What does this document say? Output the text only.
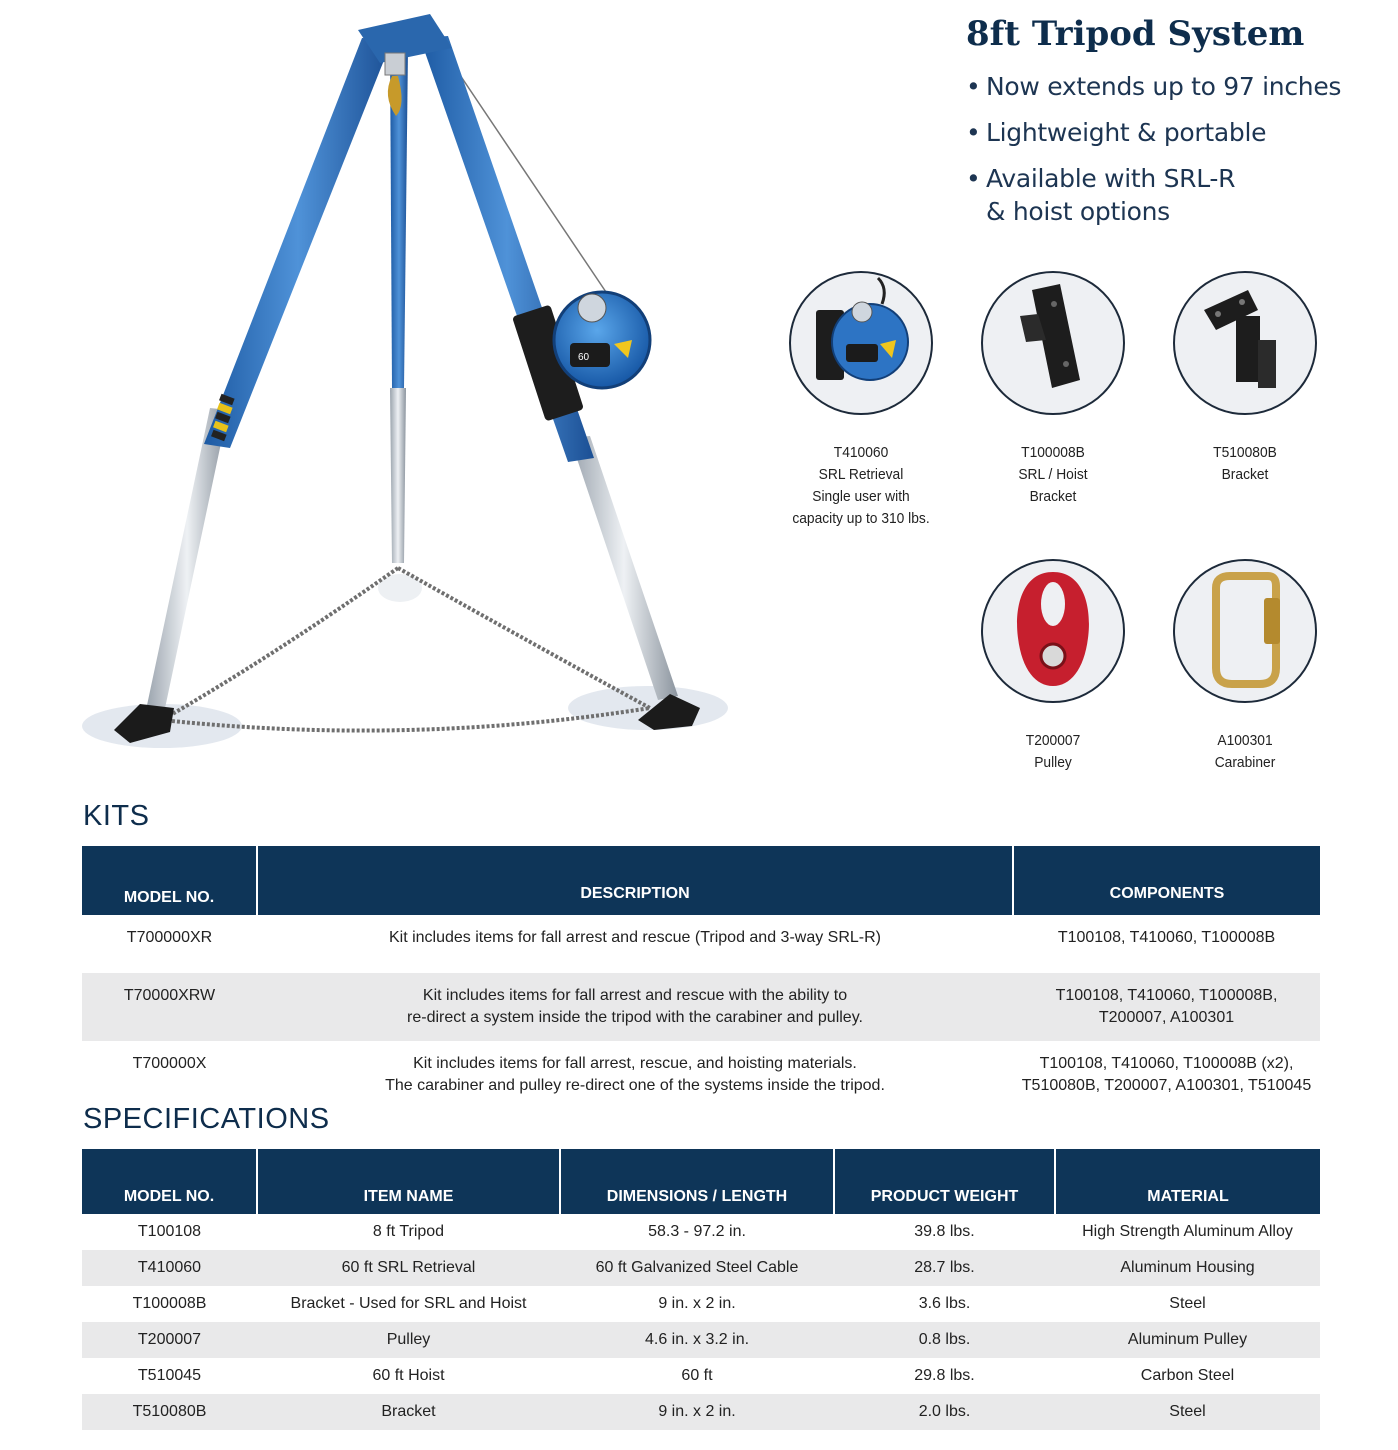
60
8ft Tripod System
• Now extends up to 97 inches
• Lightweight & portable
• Available with SRL-R
& hoist options
T410060
SRL Retrieval
Single user with
capacity up to 310 lbs.
T100008B
SRL / Hoist
Bracket
T510080B
Bracket
T200007
Pulley
A100301
Carabiner
KITS
MODEL NO.	DESCRIPTION	COMPONENTS
T700000XR	Kit includes items for fall arrest and rescue (Tripod and 3-way SRL-R)	T100108, T410060, T100008B

T70000XRW	Kit includes items for fall arrest and rescue with the ability to
re-direct a system inside the tripod with the carabiner and pulley.	T100108, T410060, T100008B,
T200007, A100301

T700000X	Kit includes items for fall arrest, rescue, and hoisting materials.
The carabiner and pulley re-direct one of the systems inside the tripod.	T100108, T410060, T100008B (x2),
T510080B, T200007, A100301, T510045
SPECIFICATIONS
MODEL NO.	ITEM NAME	DIMENSIONS / LENGTH	PRODUCT WEIGHT	MATERIAL
T100108	8 ft Tripod	58.3 - 97.2 in.	39.8 lbs.	High Strength Aluminum Alloy
T410060	60 ft SRL Retrieval	60 ft Galvanized Steel Cable	28.7 lbs.	Aluminum Housing
T100008B	Bracket - Used for SRL and Hoist	9 in. x 2 in.	3.6 lbs.	Steel
T200007	Pulley	4.6 in. x 3.2 in.	0.8 lbs.	Aluminum Pulley
T510045	60 ft Hoist	60 ft	29.8 lbs.	Carbon Steel
T510080B	Bracket	9 in. x 2 in.	2.0 lbs.	Steel
